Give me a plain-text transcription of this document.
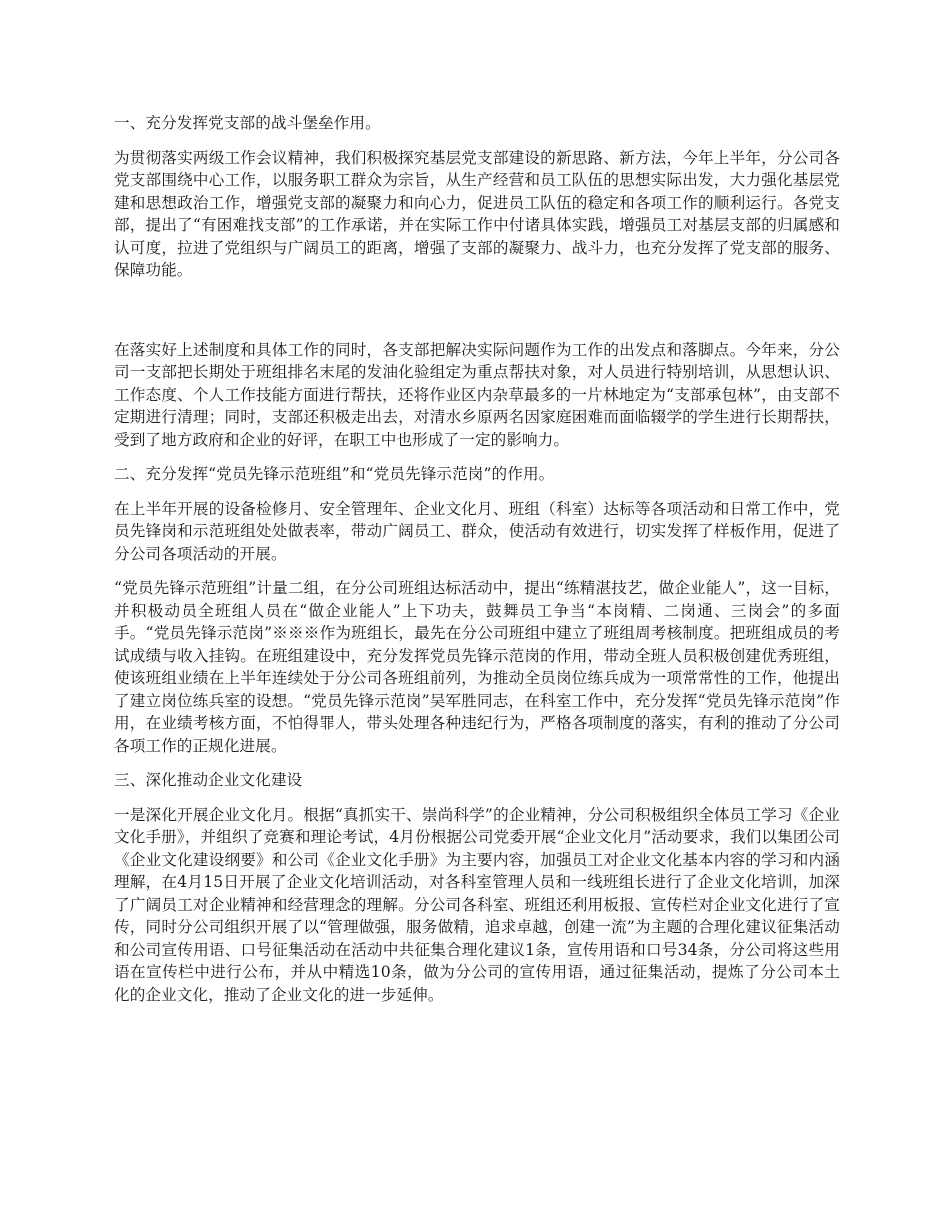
一、充分发挥党支部的战斗堡垒作用。

为贯彻落实两级工作会议精神，我们积极探究基层党支部建设的新思路、新方法，今年上半年，分公司各党支部围绕中心工作，以服务职工群众为宗旨，从生产经营和员工队伍的思想实际出发，大力强化基层党建和思想政治工作，增强党支部的凝聚力和向心力，促进员工队伍的稳定和各项工作的顺利运行。各党支部，提出了“有困难找支部”的工作承诺，并在实际工作中付诸具体实践，增强员工对基层支部的归属感和认可度，拉进了党组织与广阔员工的距离，增强了支部的凝聚力、战斗力，也充分发挥了党支部的服务、保障功能。

在落实好上述制度和具体工作的同时，各支部把解决实际问题作为工作的出发点和落脚点。今年来，分公司一支部把长期处于班组排名末尾的发油化验组定为重点帮扶对象，对人员进行特别培训，从思想认识、工作态度、个人工作技能方面进行帮扶，还将作业区内杂草最多的一片林地定为“支部承包林”，由支部不定期进行清理；同时，支部还积极走出去，对清水乡原两名因家庭困难而面临辍学的学生进行长期帮扶，受到了地方政府和企业的好评，在职工中也形成了一定的影响力。

二、充分发挥“党员先锋示范班组”和“党员先锋示范岗”的作用。

在上半年开展的设备检修月、安全管理年、企业文化月、班组（科室）达标等各项活动和日常工作中，党员先锋岗和示范班组处处做表率，带动广阔员工、群众，使活动有效进行，切实发挥了样板作用，促进了分公司各项活动的开展。

“党员先锋示范班组”计量二组，在分公司班组达标活动中，提出“练精湛技艺，做企业能人”，这一目标，并积极动员全班组人员在“做企业能人”上下功夫，鼓舞员工争当“本岗精、二岗通、三岗会”的多面手。“党员先锋示范岗”※※※作为班组长，最先在分公司班组中建立了班组周考核制度。把班组成员的考试成绩与收入挂钩。在班组建设中，充分发挥党员先锋示范岗的作用，带动全班人员积极创建优秀班组，使该班组业绩在上半年连续处于分公司各班组前列，为推动全员岗位练兵成为一项常常性的工作，他提出了建立岗位练兵室的设想。“党员先锋示范岗”吴军胜同志，在科室工作中，充分发挥“党员先锋示范岗”作用，在业绩考核方面，不怕得罪人，带头处理各种违纪行为，严格各项制度的落实，有利的推动了分公司各项工作的正规化进展。

三、深化推动企业文化建设

一是深化开展企业文化月。根据“真抓实干、崇尚科学”的企业精神，分公司积极组织全体员工学习《企业文化手册》，并组织了竞赛和理论考试，4月份根据公司党委开展“企业文化月”活动要求，我们以集团公司《企业文化建设纲要》和公司《企业文化手册》为主要内容，加强员工对企业文化基本内容的学习和内涵理解，在4月15日开展了企业文化培训活动，对各科室管理人员和一线班组长进行了企业文化培训，加深了广阔员工对企业精神和经营理念的理解。分公司各科室、班组还利用板报、宣传栏对企业文化进行了宣传，同时分公司组织开展了以“管理做强，服务做精，追求卓越，创建一流”为主题的合理化建议征集活动和公司宣传用语、口号征集活动在活动中共征集合理化建议1条，宣传用语和口号34条，分公司将这些用语在宣传栏中进行公布，并从中精选10条，做为分公司的宣传用语，通过征集活动，提炼了分公司本土化的企业文化，推动了企业文化的进一步延伸。
